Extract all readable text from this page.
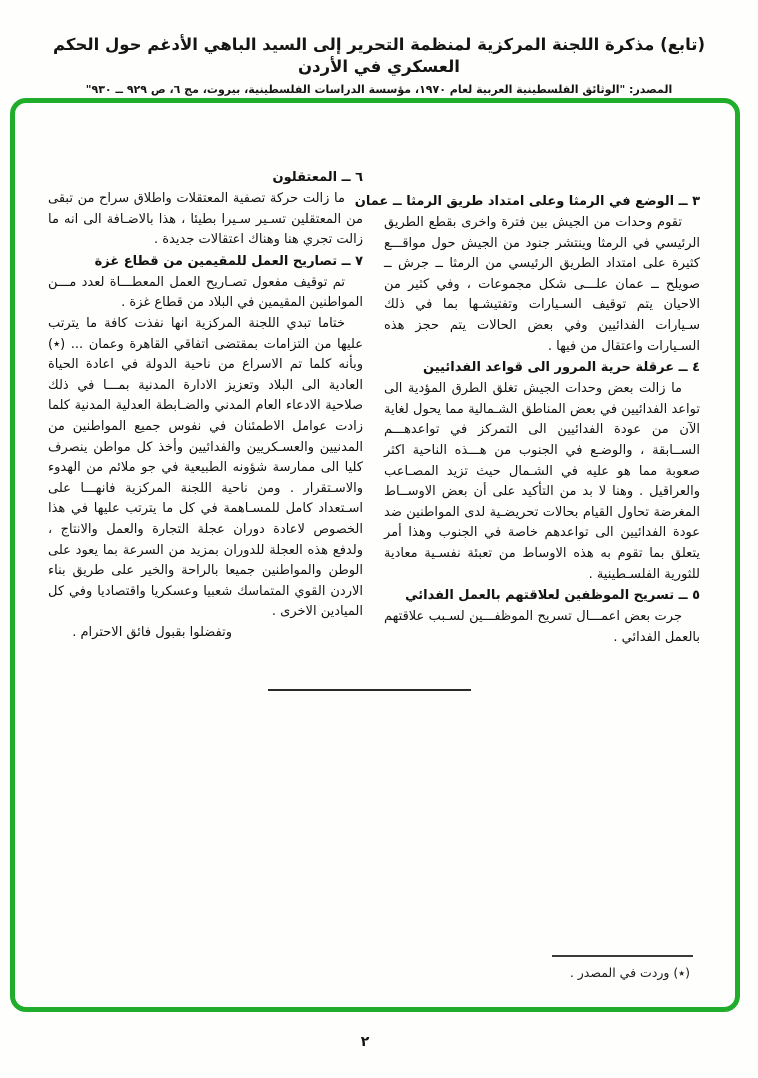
(تابع) مذكرة اللجنة المركزية لمنظمة التحرير إلى السيد الباهي الأدغم حول الحكم العسكري في الأردن
المصدر: "الوثائق الفلسطينية العربية لعام ١٩٧٠، مؤسسة الدراسات الفلسطينية، بيروت، مج ٦، ص ٩٢٩ ــ ٩٣٠"
٣ ــ الوضع في الرمثا وعلى امتداد طريق الرمثا ــ عمان

تقوم وحدات من الجيش بين فترة واخرى بقطع الطريق الرئيسي في الرمثا وينتشر جنود من الجيش حول مواقـــع كثيرة على امتداد الطريق الرئيسي من الرمثا ــ جرش ــ صويلح ــ عمان علـــى شكل مجموعات ، وفي كثير من الاحيان يتم توقيف السـيارات وتفتيشـها بما في ذلك سـيارات الفدائيين وفي بعض الحالات يتم حجز هذه السـيارات واعتقال من فيها .

٤ ــ عرقلة حرية المرور الى قواعد الفدائيين

ما زالت بعض وحدات الجيش تغلق الطرق المؤدية الى تواعد الفدائيين في بعض المناطق الشـمالية مما يحول لغاية الآن من عودة الفدائيين الى التمركز في تواعدهـــم الســابقة ، والوضـع في الجنوب من هـــذه الناحية اكثر صعوبة مما هو عليه في الشـمال حيث تزيد المصـاعب والعراقيل . وهنا لا بد من التأكيد على أن بعض الاوســاط المغرضة تحاول القيام بحالات تحريضـية لدى المواطنين ضد عودة الفدائيين الى تواعدهم خاصة في الجنوب وهذا أمر يتعلق بما تقوم به هذه الاوساط من تعبئة نفسـية معادية للثورية الفلسـطينية .

٥ ــ تسريح الموظفين لعلاقتهم بالعمل الفدائي

جرت بعض اعمـــال تسريح الموظفـــين لسـبب علاقتهم بالعمل الفدائي .

٦ ــ المعتقلون

ما زالت حركة تصفية المعتقلات واطلاق سراح من تبقى من المعتقلين تسـير سـيرا بطيئا ، هذا بالاضـافة الى انه ما زالت تجري هنا وهناك اعتقالات جديدة .

٧ ــ تصاريح العمل للمقيمين من قطاع غزة

تم توقيف مفعول تصـاريح العمل المعطـــاة لعدد مـــن المواطنين المقيمين في البلاد من قطاع غزة .

ختاما تبدي اللجنة المركزية انها نفذت كافة ما يترتب عليها من التزامات بمقتضى اتفاقي القاهرة وعمان ... (٭) وبأنه كلما تم الاسراع من ناحية الدولة في اعادة الحياة العادية الى البلاد وتعزيز الادارة المدنية بمـــا في ذلك صلاحية الادعاء العام المدني والضـابطة العدلية المدنية كلما زادت عوامل الاطمئنان في نفوس جميع المواطنين من المدنيين والعسـكريين والفدائيين وأخذ كل مواطن ينصرف كليا الى ممارسة شؤونه الطبيعية في جو ملائم من الهدوء والاسـتقرار . ومن ناحية اللجنة المركزية فانهـــا على اسـتعداد كامل للمسـاهمة في كل ما يترتب عليها في هذا الخصوص لاعادة دوران عجلة التجارة والعمل والانتاج ، ولدفع هذه العجلة للدوران بمزيد من السرعة بما يعود على الوطن والمواطنين جميعا بالراحة والخير على طريق بناء الاردن القوي المتماسك شعبيا وعسكريا واقتصاديا وفي كل الميادين الاخرى .

وتفضلوا بقبول فائق الاحترام .

(٭) وردت في المصدر .
٢
